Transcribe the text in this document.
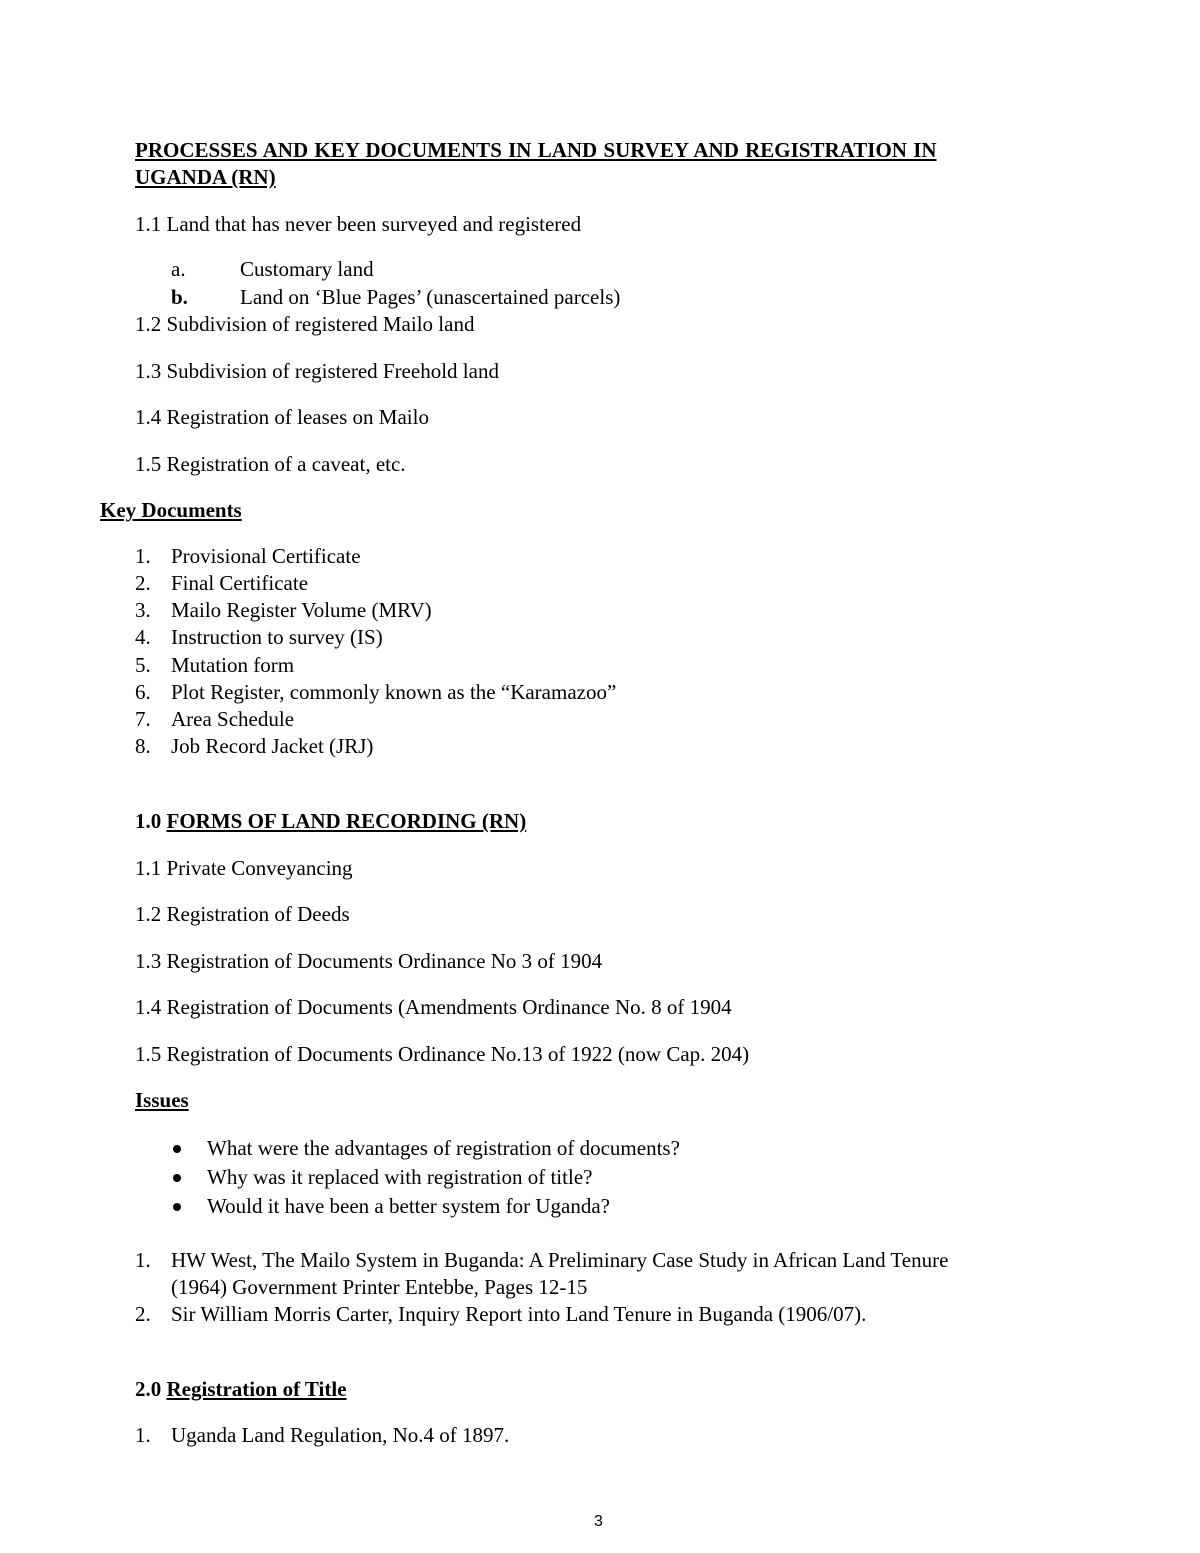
PROCESSES AND KEY DOCUMENTS IN LAND SURVEY AND REGISTRATION IN
UGANDA (RN)
1.1 Land that has never been surveyed and registered
a.	Customary land
b. Land on ‘Blue Pages’ (unascertained parcels)
1.2 Subdivision of registered Mailo land
1.3 Subdivision of registered Freehold land
1.4 Registration of leases on Mailo
1.5 Registration of a caveat, etc.
Key Documents
1. Provisional Certificate
2. Final Certificate
3. Mailo Register Volume (MRV)
4. Instruction to survey (IS)
5. Mutation form
6. Plot Register, commonly known as the “Karamazoo”
7. Area Schedule
8. Job Record Jacket (JRJ)
1.0 FORMS OF LAND RECORDING (RN)
1.1 Private Conveyancing
1.2 Registration of Deeds
1.3 Registration of Documents Ordinance No 3 of 1904
1.4 Registration of Documents (Amendments Ordinance No. 8 of 1904
1.5 Registration of Documents Ordinance No.13 of 1922 (now Cap. 204)
Issues
What were the advantages of registration of documents?
Why was it replaced with registration of title?
Would it have been a better system for Uganda?
1. HW West, The Mailo System in Buganda: A Preliminary Case Study in African Land Tenure
(1964) Government Printer Entebbe, Pages 12-15
2. Sir William Morris Carter, Inquiry Report into Land Tenure in Buganda (1906/07).
2.0 Registration of Title
1. Uganda Land Regulation, No.4 of 1897.
3
